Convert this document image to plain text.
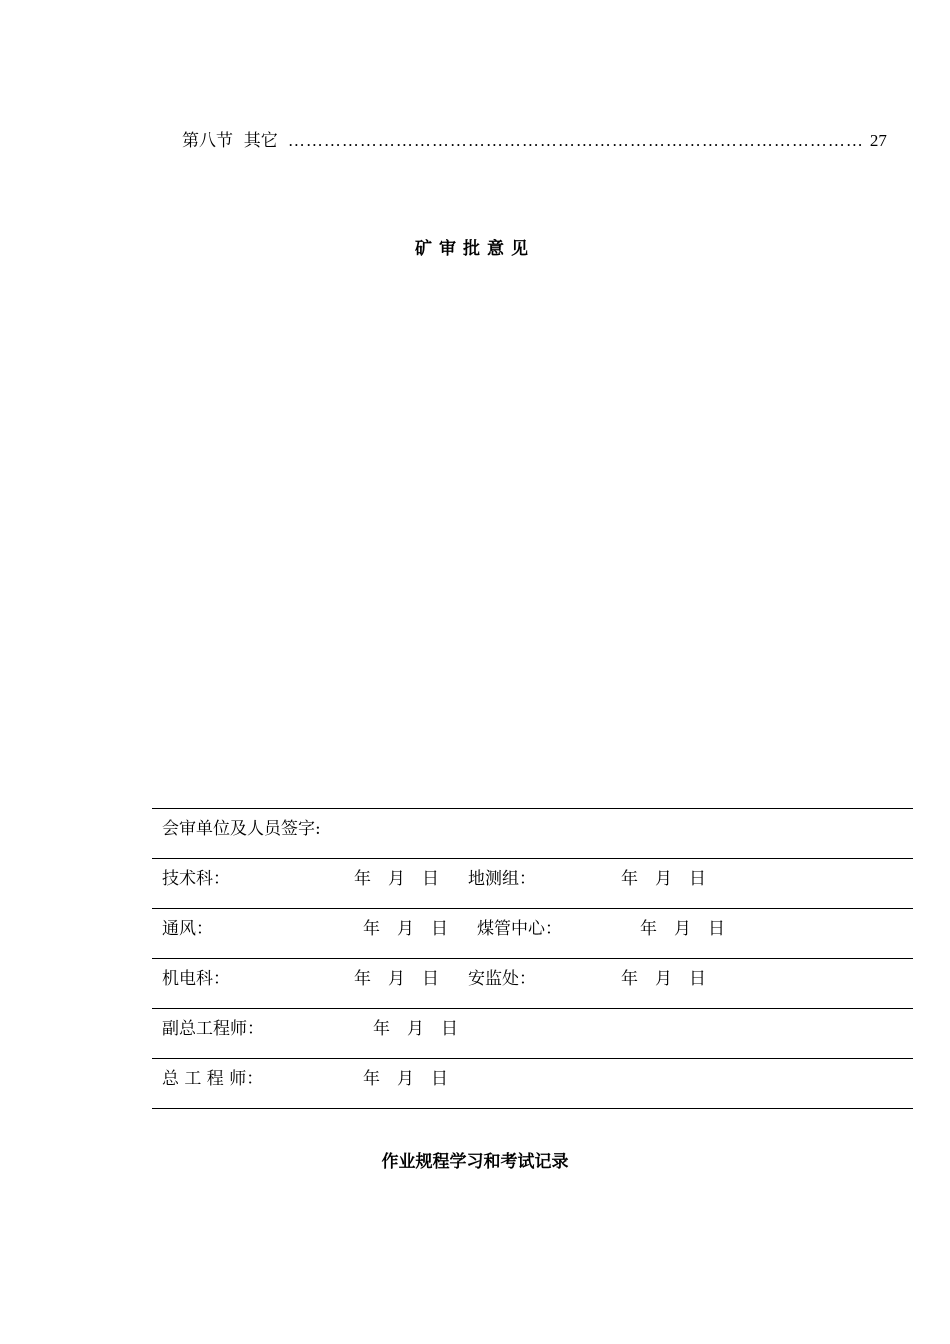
第八节  其它 …………………………………………………………………………………… 27
矿审批意见
会审单位及人员签字:

技术科：	年　月　日 地测组：	年　月　日

通风：	年　月　日 煤管中心：	年　月　日

机电科：	年　月　日 安监处：	年　月　日

副总工程师：	年　月　日

总 工 程 师：	年　月　日
作业规程学习和考试记录
